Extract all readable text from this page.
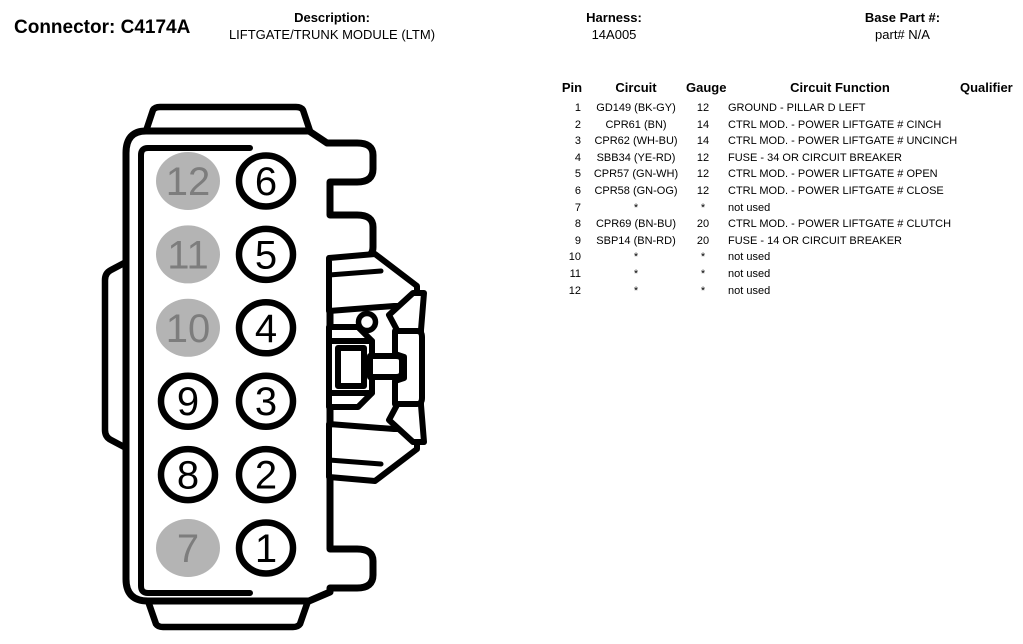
Connector: C4174A	Description:
LIFTGATE/TRUNK MODULE (LTM)
Harness:
14A005
Base Part #:
part# N/A
12
11
10
9
8
7
6
5
4
3
2
1
Pin	Circuit	Gauge	Circuit Function	Qualifier
1	GD149 (BK-GY)	12	GROUND - PILLAR D LEFT
2	CPR61 (BN)	14	CTRL MOD. - POWER LIFTGATE # CINCH
3	CPR62 (WH-BU)	14	CTRL MOD. - POWER LIFTGATE # UNCINCH
4	SBB34 (YE-RD)	12	FUSE - 34 OR CIRCUIT BREAKER
5	CPR57 (GN-WH)	12	CTRL MOD. - POWER LIFTGATE # OPEN
6	CPR58 (GN-OG)	12	CTRL MOD. - POWER LIFTGATE # CLOSE
7	*	*	not used
8	CPR69 (BN-BU)	20	CTRL MOD. - POWER LIFTGATE # CLUTCH
9	SBP14 (BN-RD)	20	FUSE - 14 OR CIRCUIT BREAKER
10	*	*	not used
11	*	*	not used
12	*	*	not used
